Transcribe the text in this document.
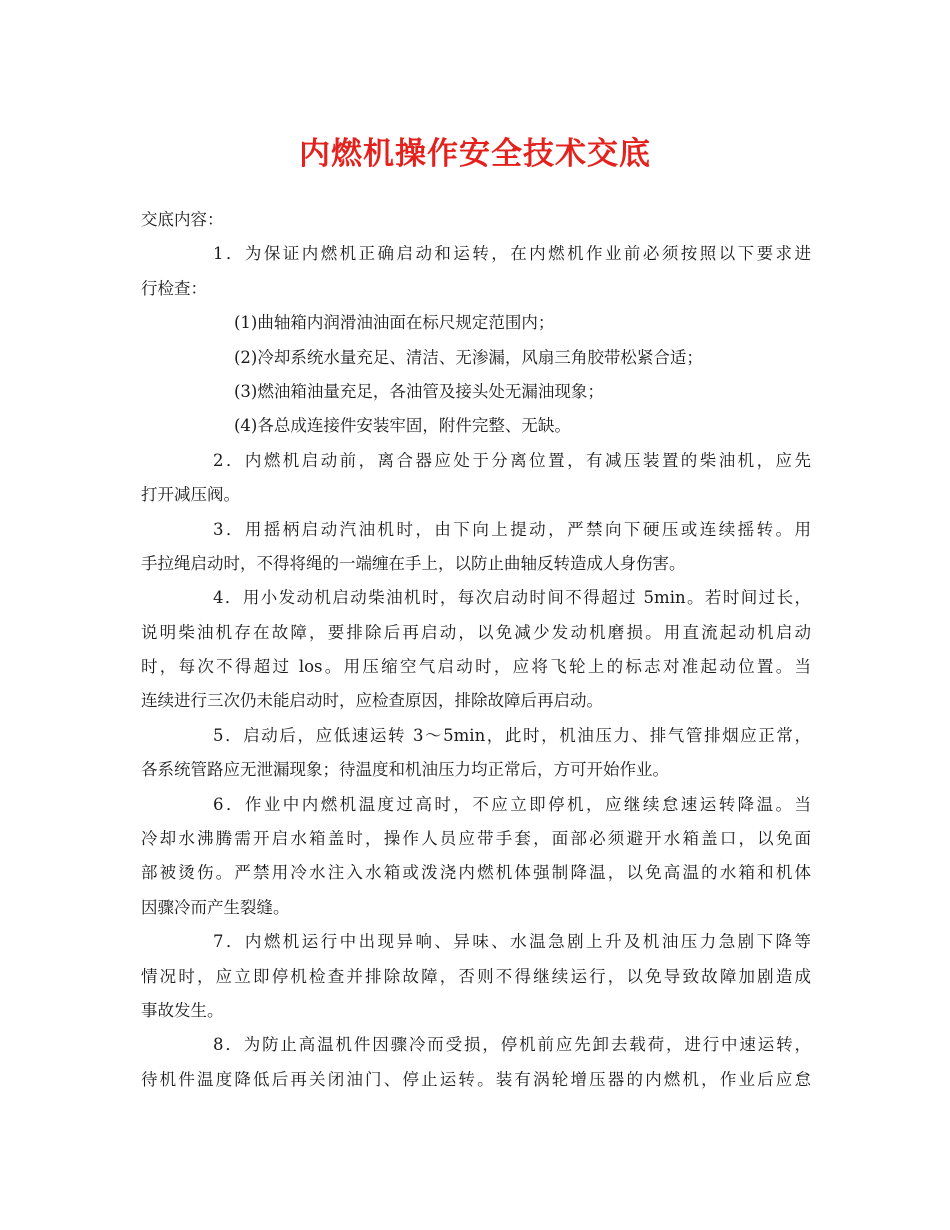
内燃机操作安全技术交底
交底内容：
1．为保证内燃机正确启动和运转，在内燃机作业前必须按照以下要求进
行检查：
(1)曲轴箱内润滑油油面在标尺规定范围内；
(2)冷却系统水量充足、清洁、无渗漏，风扇三角胶带松紧合适；
(3)燃油箱油量充足，各油管及接头处无漏油现象；
(4)各总成连接件安装牢固，附件完整、无缺。
2．内燃机启动前，离合器应处于分离位置，有减压装置的柴油机，应先
打开减压阀。
3．用摇柄启动汽油机时，由下向上提动，严禁向下硬压或连续摇转。用
手拉绳启动时，不得将绳的一端缠在手上，以防止曲轴反转造成人身伤害。
4．用小发动机启动柴油机时，每次启动时间不得超过 5min。若时间过长，
说明柴油机存在故障，要排除后再启动，以免减少发动机磨损。用直流起动机启动
时，每次不得超过 los。用压缩空气启动时，应将飞轮上的标志对准起动位置。当
连续进行三次仍未能启动时，应检查原因，排除故障后再启动。
5．启动后，应低速运转 3～5min，此时，机油压力、排气管排烟应正常，
各系统管路应无泄漏现象；待温度和机油压力均正常后，方可开始作业。
6．作业中内燃机温度过高时，不应立即停机，应继续怠速运转降温。当
冷却水沸腾需开启水箱盖时，操作人员应带手套，面部必须避开水箱盖口，以免面
部被烫伤。严禁用冷水注入水箱或泼浇内燃机体强制降温，以免高温的水箱和机体
因骤冷而产生裂缝。
7．内燃机运行中出现异响、异味、水温急剧上升及机油压力急剧下降等
情况时，应立即停机检查并排除故障，否则不得继续运行，以免导致故障加剧造成
事故发生。
8．为防止高温机件因骤冷而受损，停机前应先卸去载荷，进行中速运转，
待机件温度降低后再关闭油门、停止运转。装有涡轮增压器的内燃机，作业后应怠
